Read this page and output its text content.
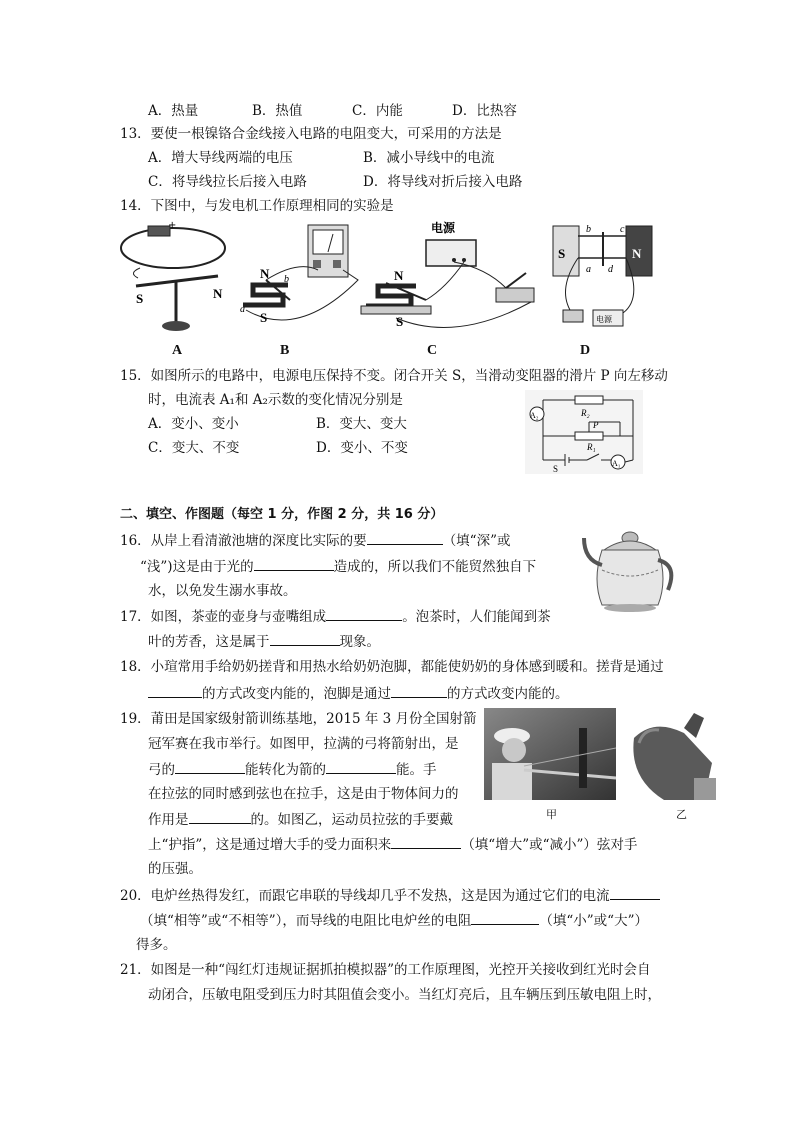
A．热量	B．热值	C．内能	D．比热容
13．要使一根镍铬合金线接入电路的电阻变大，可采用的方法是
A．增大导线两端的电压	B．减小导线中的电流
C．将导线拉长后接入电路	D．将导线对折后接入电路
14．下图中，与发电机工作原理相同的实验是
+
S	N
A
N
S
b
a
B
电源
N
S
C
S	N
b	c
a d
电源
D
15．如图所示的电路中，电源电压保持不变。闭合开关 S，当滑动变阻器的滑片 P 向左移动
时，电流表 A₁和 A₂示数的变化情况分别是
A．变小、变小	B．变大、变大
C．变大、不变	D．变小、不变
A₂	R₂
P
R₁
A₁
S
二、填空、作图题（每空 1 分，作图 2 分，共 16 分）
16．从岸上看清澈池塘的深度比实际的要	（填“深”或
“浅”)这是由于光的	造成的，所以我们不能贸然独自下
水，以免发生溺水事故。
17．如图，茶壶的壶身与壶嘴组成	。泡茶时，人们能闻到茶
叶的芳香，这是属于	现象。
18．小瑄常用手给奶奶搓背和用热水给奶奶泡脚，都能使奶奶的身体感到暖和。搓背是通过
的方式改变内能的，泡脚是通过	的方式改变内能的。
19．莆田是国家级射箭训练基地，2015 年 3 月份全国射箭
冠军赛在我市举行。如图甲，拉满的弓将箭射出，是
弓的	能转化为箭的	能。手
在拉弦的同时感到弦也在拉手，这是由于物体间力的
作用是	的。如图乙，运动员拉弦的手要戴
上“护指”，这是通过增大手的受力面积来	（填“增大”或“减小”）弦对手
的压强。
甲	乙
20．电炉丝热得发红，而跟它串联的导线却几乎不发热，这是因为通过它们的电流
（填“相等”或“不相等”），而导线的电阻比电炉丝的电阻	（填“小”或“大”）
得多。
21．如图是一种“闯红灯违规证据抓拍模拟器”的工作原理图，光控开关接收到红光时会自
动闭合，压敏电阻受到压力时其阻值会变小。当红灯亮后，且车辆压到压敏电阻上时，
